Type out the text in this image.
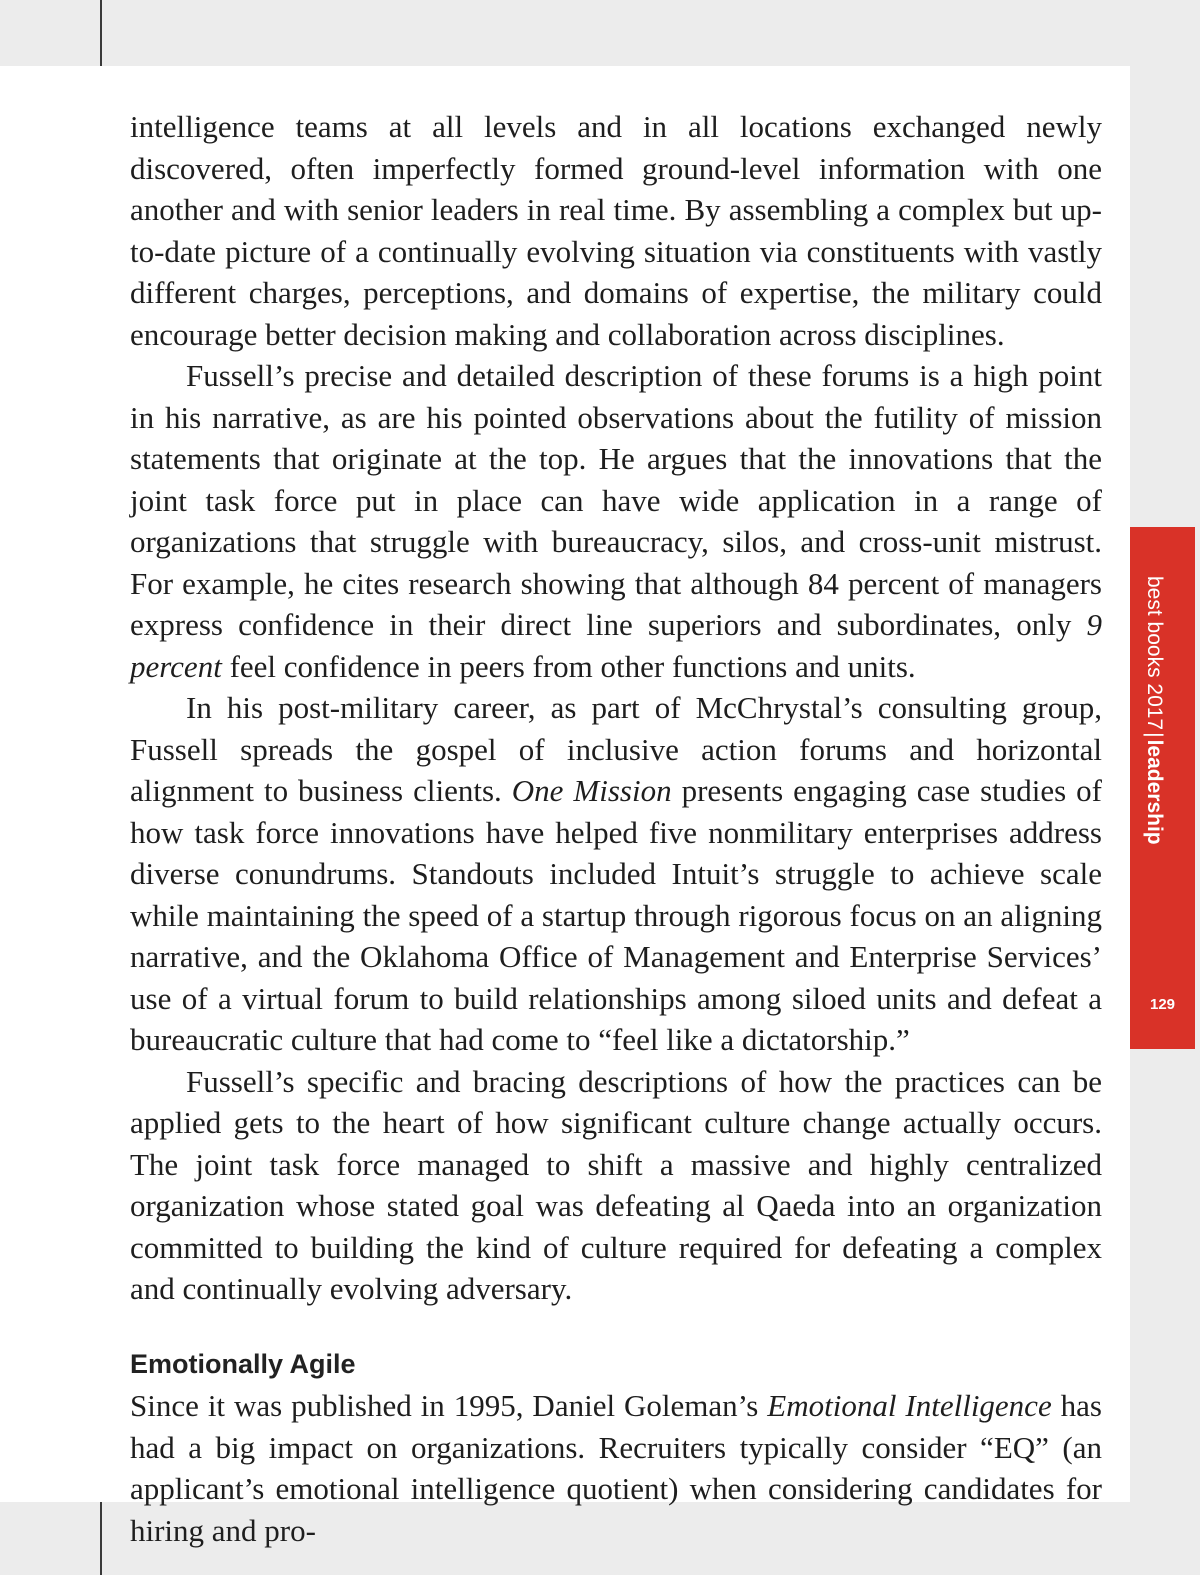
intelligence teams at all levels and in all locations exchanged newly discovered, often imperfectly formed ground-level information with one another and with senior leaders in real time. By assembling a complex but up-to-date picture of a continually evolving situation via constituents with vastly different charges, perceptions, and domains of expertise, the military could encourage better decision making and collaboration across disciplines.

Fussell’s precise and detailed description of these forums is a high point in his narrative, as are his pointed observations about the futility of mission statements that originate at the top. He argues that the innovations that the joint task force put in place can have wide application in a range of organizations that struggle with bureaucracy, silos, and cross-unit mistrust. For example, he cites research showing that although 84 percent of managers express confidence in their direct line superiors and subordinates, only 9 percent feel confidence in peers from other functions and units.

In his post-military career, as part of McChrystal’s consulting group, Fussell spreads the gospel of inclusive action forums and horizontal alignment to business clients. One Mission presents engaging case studies of how task force innovations have helped five nonmilitary enterprises address diverse conundrums. Standouts included Intuit’s struggle to achieve scale while maintaining the speed of a startup through rigorous focus on an aligning narrative, and the Oklahoma Office of Management and Enterprise Services’ use of a virtual forum to build relationships among siloed units and defeat a bureaucratic culture that had come to “feel like a dictatorship.”

Fussell’s specific and bracing descriptions of how the practices can be applied gets to the heart of how significant culture change actually occurs. The joint task force managed to shift a massive and highly centralized organization whose stated goal was defeating al Qaeda into an organization committed to building the kind of culture required for defeating a complex and continually evolving adversary.

Emotionally Agile

Since it was published in 1995, Daniel Goleman’s Emotional Intelligence has had a big impact on organizations. Recruiters typically consider “EQ” (an applicant’s emotional intelligence quotient) when considering candidates for hiring and pro-

best books 2017|leadership
129
